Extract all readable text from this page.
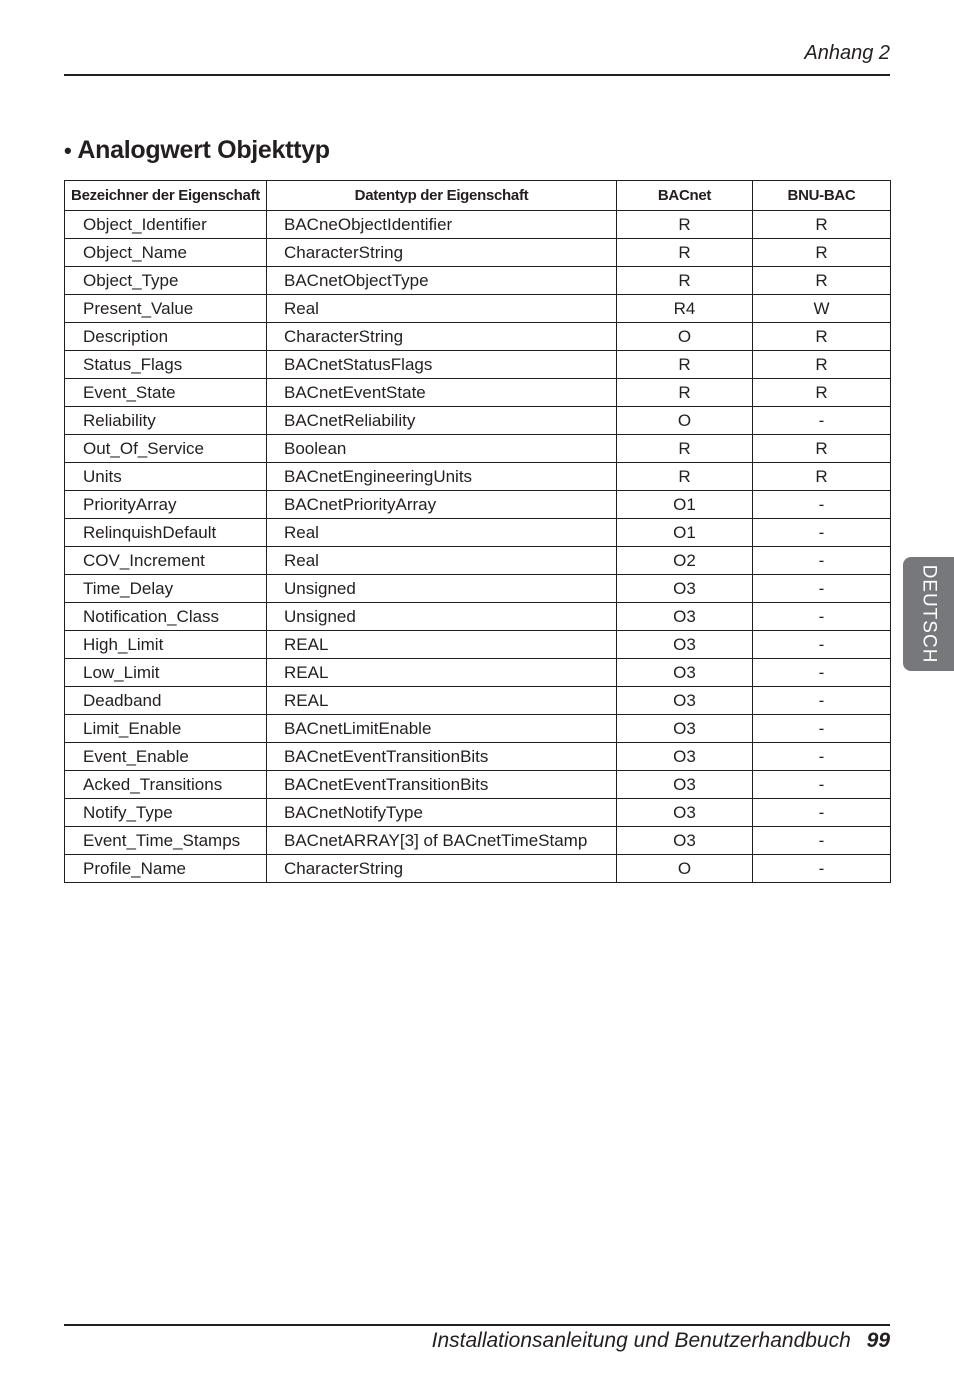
Anhang 2
• Analogwert Objekttyp
Bezeichner der Eigenschaft	Datentyp der Eigenschaft	BACnet	BNU-BAC
Object_Identifier	BACneObjectIdentifier	R	R
Object_Name	CharacterString	R	R
Object_Type	BACnetObjectType	R	R
Present_Value	Real	R4	W
Description	CharacterString	O	R
Status_Flags	BACnetStatusFlags	R	R
Event_State	BACnetEventState	R	R
Reliability	BACnetReliability	O	-
Out_Of_Service	Boolean	R	R
Units	BACnetEngineeringUnits	R	R
PriorityArray	BACnetPriorityArray	O1	-
RelinquishDefault	Real	O1	-
COV_Increment	Real	O2	-
Time_Delay	Unsigned	O3	-
Notification_Class	Unsigned	O3	-
High_Limit	REAL	O3	-
Low_Limit	REAL	O3	-
Deadband	REAL	O3	-
Limit_Enable	BACnetLimitEnable	O3	-
Event_Enable	BACnetEventTransitionBits	O3	-
Acked_Transitions	BACnetEventTransitionBits	O3	-
Notify_Type	BACnetNotifyType	O3	-
Event_Time_Stamps	BACnetARRAY[3] of BACnetTimeStamp	O3	-
Profile_Name	CharacterString	O	-
DEUTSCH
Installationsanleitung und Benutzerhandbuch 99
